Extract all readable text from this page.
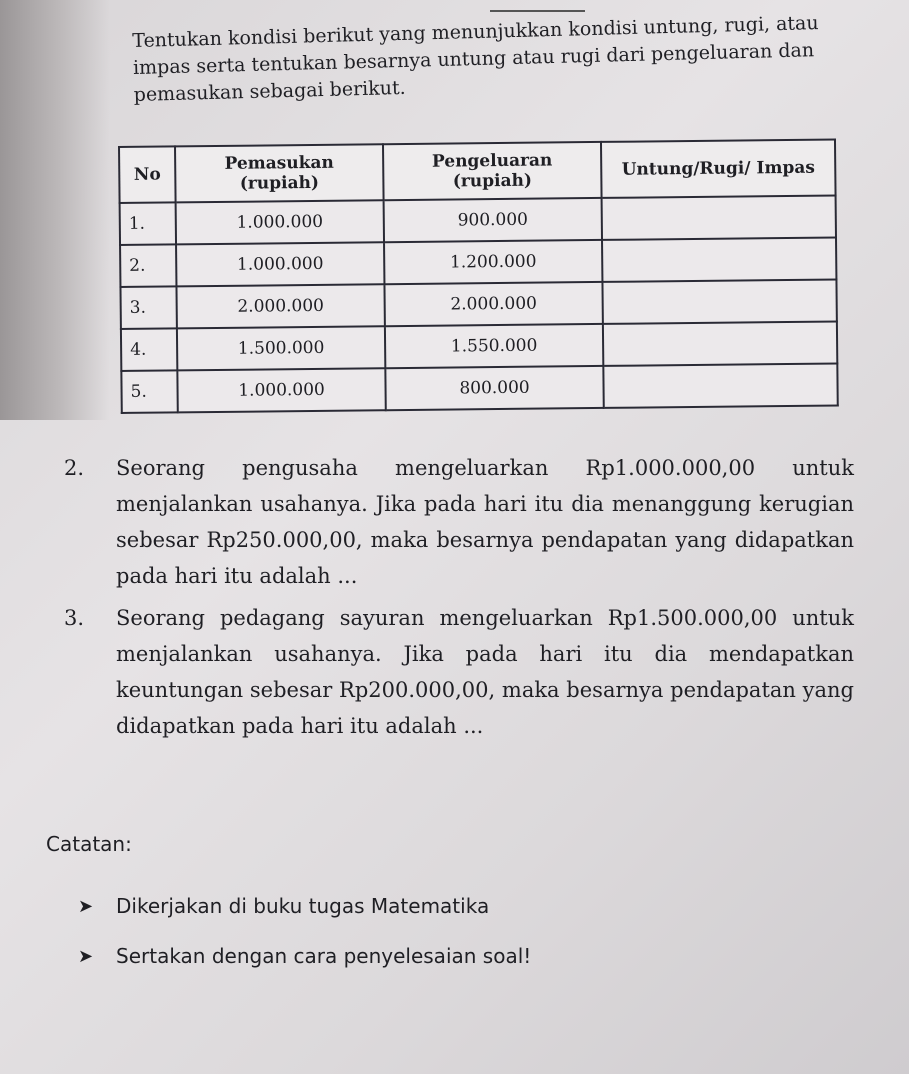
Tentukan kondisi berikut yang menunjukkan kondisi untung, rugi, atau impas serta tentukan besarnya untung atau rugi dari pengeluaran dan pemasukan sebagai berikut.
No	Pemasukan (rupiah)	Pengeluaran (rupiah)	Untung/Rugi/ Impas
1.	1.000.000	900.000	
2.	1.000.000	1.200.000	
3.	2.000.000	2.000.000	
4.	1.500.000	1.550.000	
5.	1.000.000	800.000	
2.	Seorang pengusaha mengeluarkan Rp1.000.000,00 untuk menjalankan usahanya. Jika pada hari itu dia menanggung kerugian sebesar Rp250.000,00, maka besarnya pendapatan yang didapatkan pada hari itu adalah ...
3.	Seorang pedagang sayuran mengeluarkan Rp1.500.000,00 untuk menjalankan usahanya. Jika pada hari itu dia mendapatkan keuntungan sebesar Rp200.000,00, maka besarnya pendapatan yang didapatkan pada hari itu adalah ...
Catatan:
➤	Dikerjakan di buku tugas Matematika
➤	Sertakan dengan cara penyelesaian soal!
